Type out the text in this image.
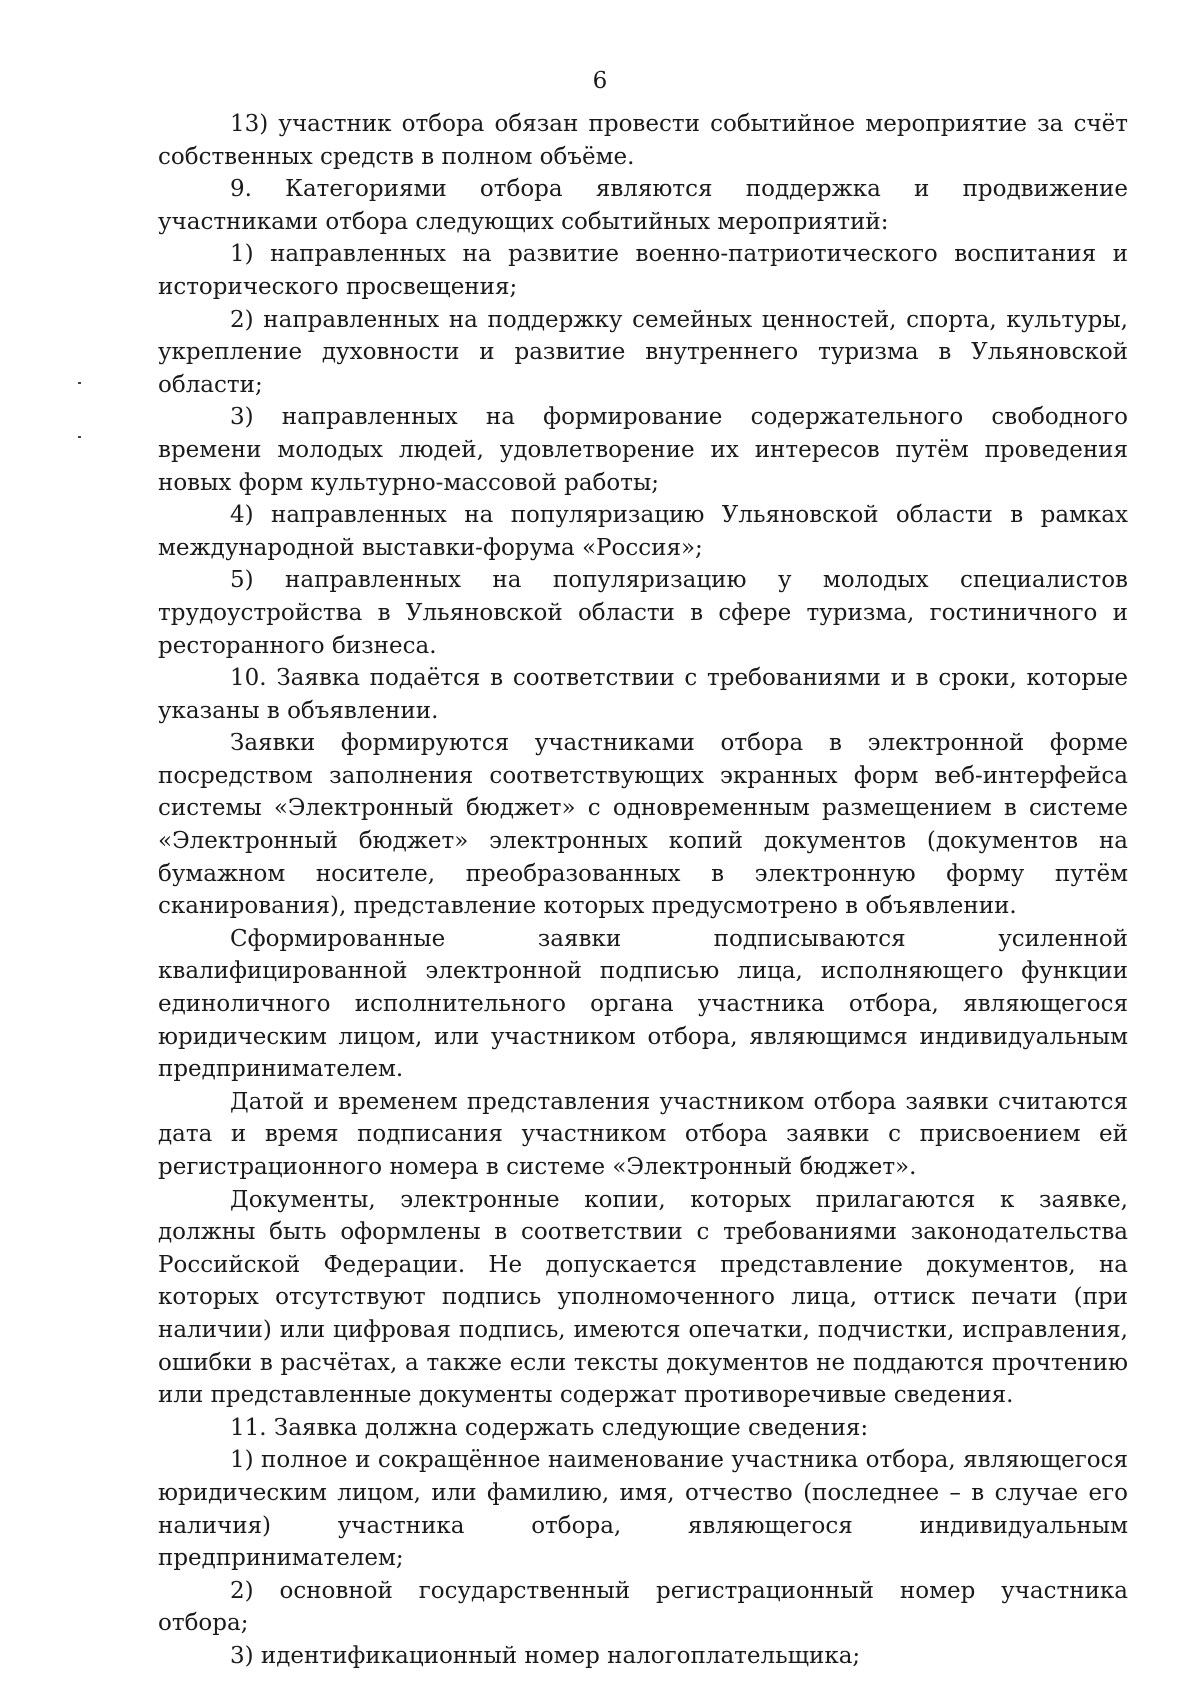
6

13) участник отбора обязан провести событийное мероприятие за счёт собственных средств в полном объёме.

9. Категориями отбора являются поддержка и продвижение участниками отбора следующих событийных мероприятий:

1) направленных на развитие военно-патриотического воспитания и исторического просвещения;

2) направленных на поддержку семейных ценностей, спорта, культуры, укрепление духовности и развитие внутреннего туризма в Ульяновской области;

3) направленных на формирование содержательного свободного времени молодых людей, удовлетворение их интересов путём проведения новых форм культурно-массовой работы;

4) направленных на популяризацию Ульяновской области в рамках международной выставки-форума «Россия»;

5) направленных на популяризацию у молодых специалистов трудоустройства в Ульяновской области в сфере туризма, гостиничного и ресторанного бизнеса.

10. Заявка подаётся в соответствии с требованиями и в сроки, которые указаны в объявлении.

Заявки формируются участниками отбора в электронной форме посредством заполнения соответствующих экранных форм веб-интерфейса системы «Электронный бюджет» с одновременным размещением в системе «Электронный бюджет» электронных копий документов (документов на бумажном носителе, преобразованных в электронную форму путём сканирования), представление которых предусмотрено в объявлении.

Сформированные заявки подписываются усиленной квалифицированной электронной подписью лица, исполняющего функции единоличного исполнительного органа участника отбора, являющегося юридическим лицом, или участником отбора, являющимся индивидуальным предпринимателем.

Датой и временем представления участником отбора заявки считаются дата и время подписания участником отбора заявки с присвоением ей регистрационного номера в системе «Электронный бюджет».

Документы, электронные копии, которых прилагаются к заявке, должны быть оформлены в соответствии с требованиями законодательства Российской Федерации. Не допускается представление документов, на которых отсутствуют подпись уполномоченного лица, оттиск печати (при наличии) или цифровая подпись, имеются опечатки, подчистки, исправления, ошибки в расчётах, а также если тексты документов не поддаются прочтению или представленные документы содержат противоречивые сведения.

11. Заявка должна содержать следующие сведения:

1) полное и сокращённое наименование участника отбора, являющегося юридическим лицом, или фамилию, имя, отчество (последнее – в случае его наличия) участника отбора, являющегося индивидуальным предпринимателем;

2) основной государственный регистрационный номер участника отбора;

3) идентификационный номер налогоплательщика;
